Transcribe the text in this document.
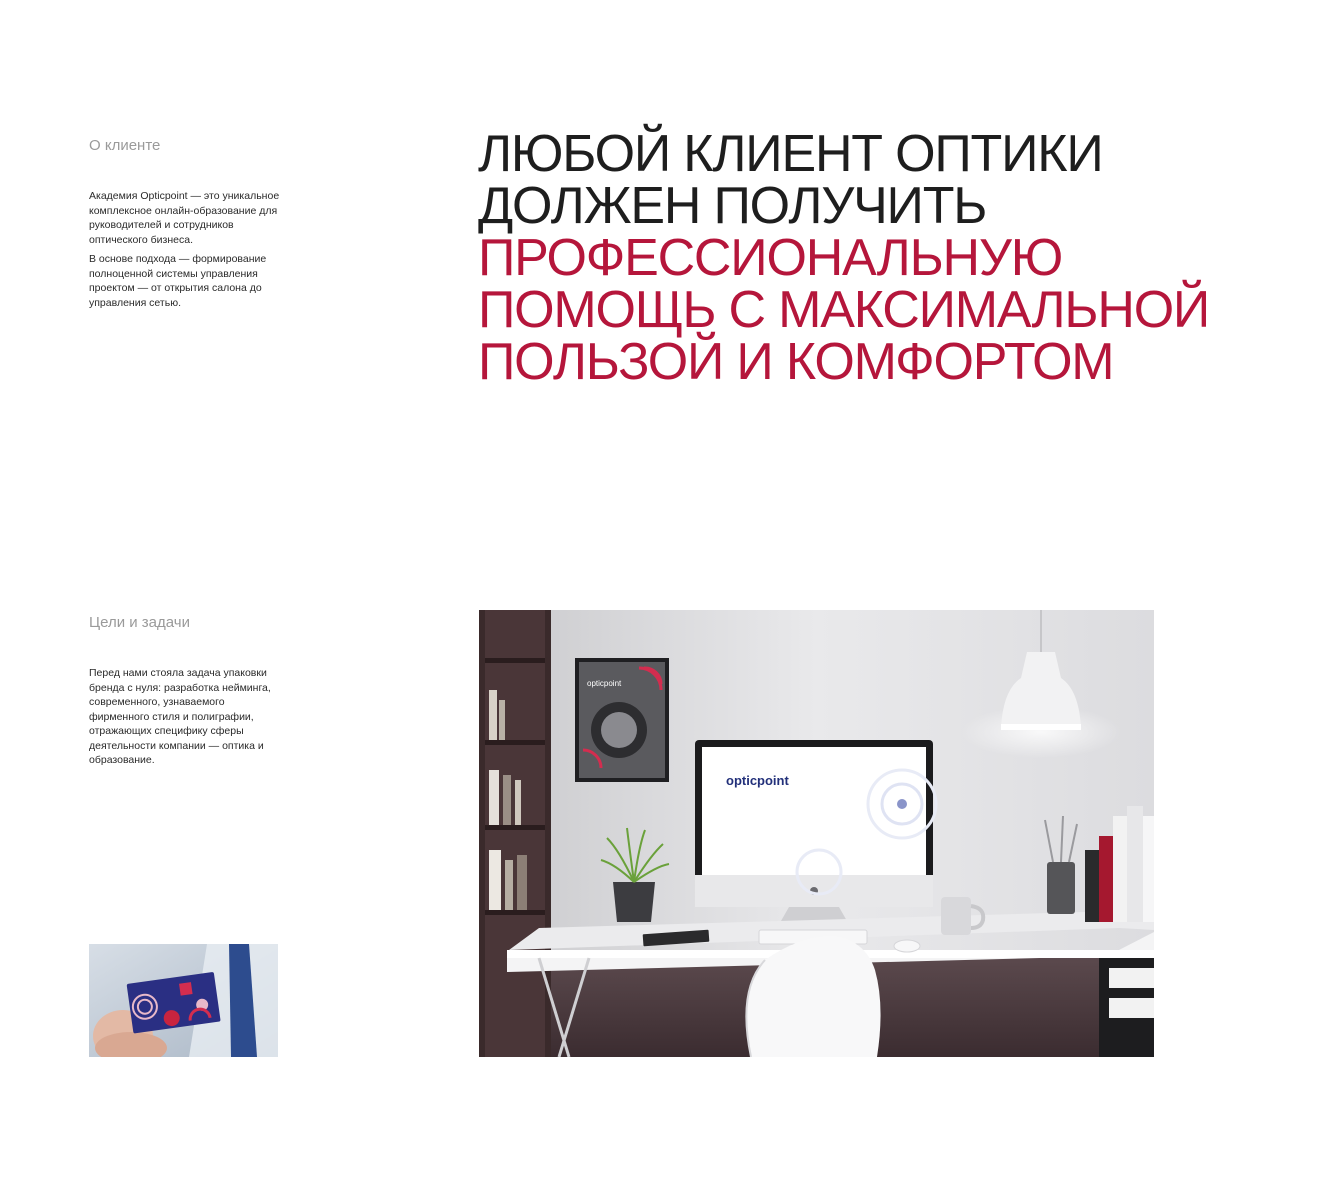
О клиенте

Академия Opticpoint — это уникальное комплексное онлайн-образование для руководителей и сотрудников оптического бизнеса.

В основе подхода — формирование полноценной системы управления проектом — от открытия салона до управления сетью.

ЛЮБОЙ КЛИЕНТ ОПТИКИ
ДОЛЖЕН ПОЛУЧИТЬ
ПРОФЕССИОНАЛЬНУЮ
ПОМОЩЬ С МАКСИМАЛЬНОЙ
ПОЛЬЗОЙ И КОМФОРТОМ
Цели и задачи
Перед нами стояла задача упаковки бренда с нуля: разработка нейминга, современного, узнаваемого фирменного стиля и полиграфии, отражающих специфику сферы деятельности компании — оптика и образование.
opticpoint
opticpoint
